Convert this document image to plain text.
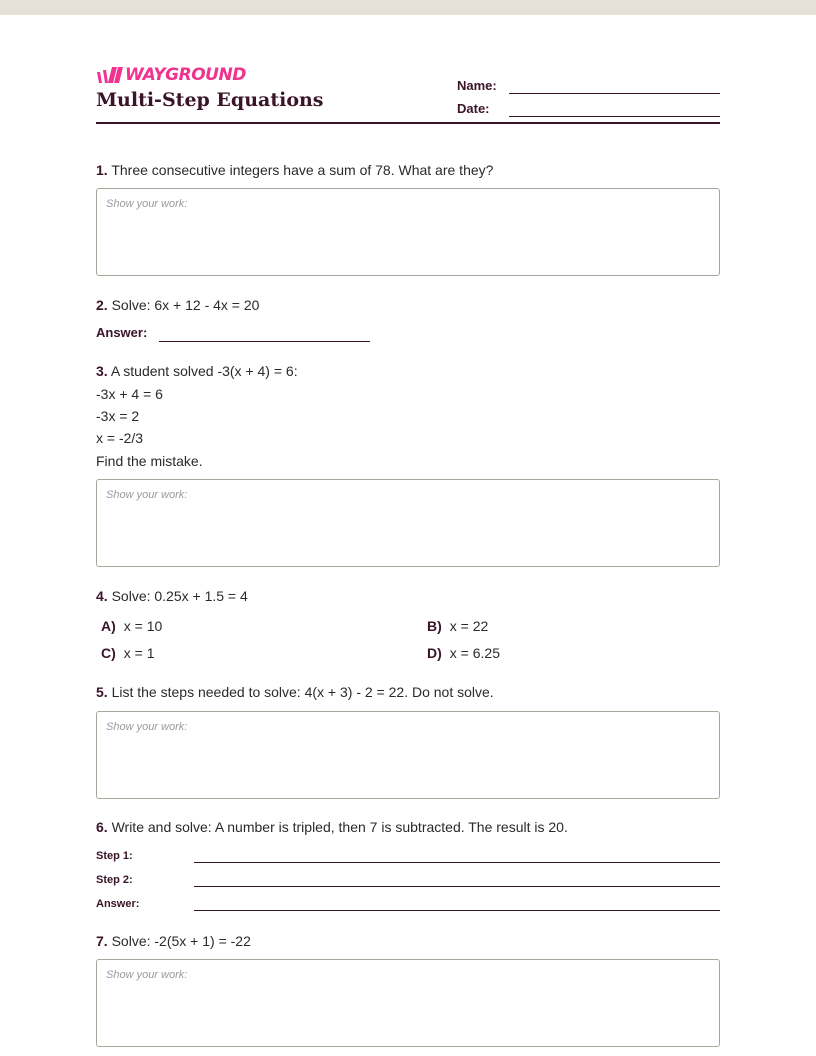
WAYGROUND
Multi-Step Equations
Name:
Date:
1. Three consecutive integers have a sum of 78. What are they?
Show your work:
2. Solve: 6x + 12 - 4x = 20
Answer:
3. A student solved -3(x + 4) = 6:
-3x + 4 = 6
-3x = 2
x = -2/3
Find the mistake.
Show your work:
4. Solve: 0.25x + 1.5 = 4
A) x = 10	B) x = 22
C) x = 1	D) x = 6.25
5. List the steps needed to solve: 4(x + 3) - 2 = 22. Do not solve.
Show your work:
6. Write and solve: A number is tripled, then 7 is subtracted. The result is 20.
Step 1:
Step 2:
Answer:
7. Solve: -2(5x + 1) = -22
Show your work:
